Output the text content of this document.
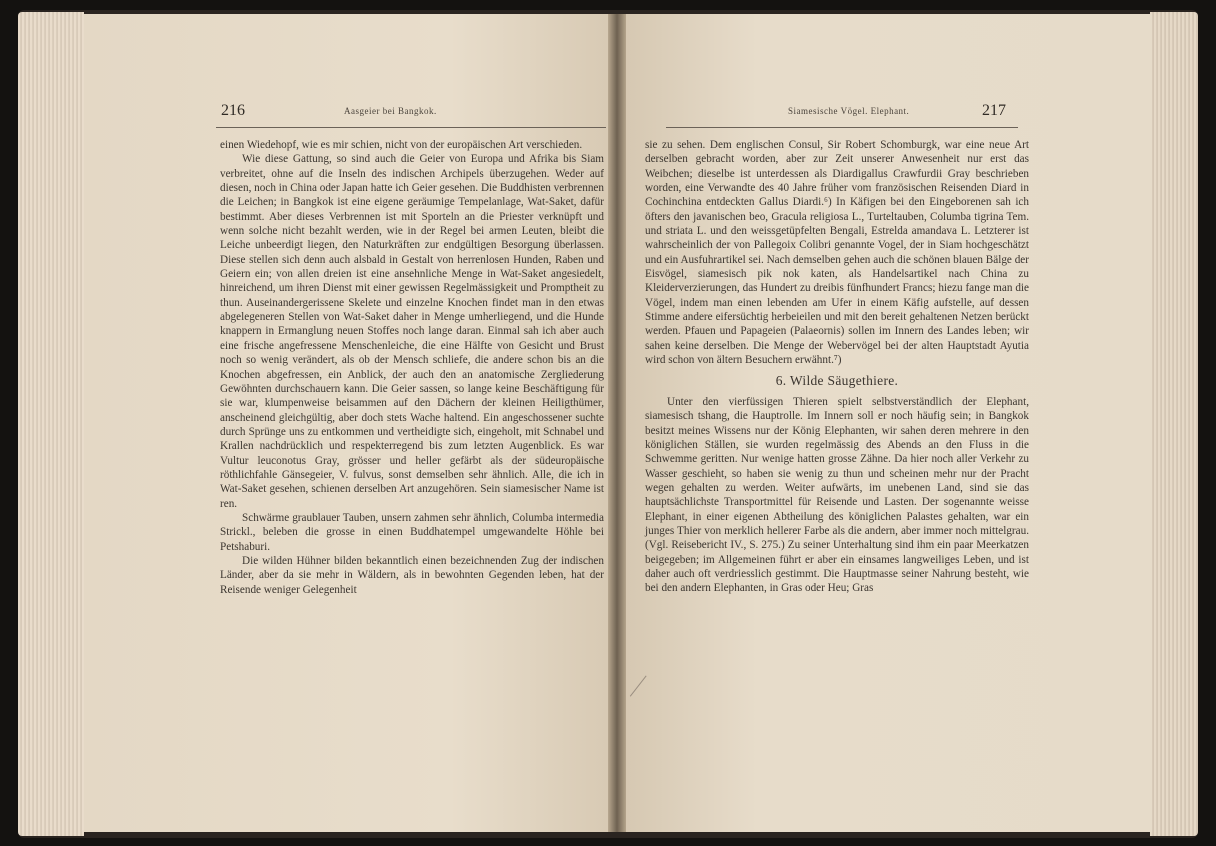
216	Aasgeier bei Bangkok.

einen Wiedehopf, wie es mir schien, nicht von der europäischen Art verschieden.

Wie diese Gattung, so sind auch die Geier von Europa und Afrika bis Siam verbreitet, ohne auf die Inseln des indischen Archipels überzugehen. Weder auf diesen, noch in China oder Japan hatte ich Geier gesehen. Die Buddhisten verbrennen die Leichen; in Bangkok ist eine eigene geräumige Tempelanlage, Wat-Saket, dafür bestimmt. Aber dieses Verbrennen ist mit Sporteln an die Priester verknüpft und wenn solche nicht bezahlt werden, wie in der Regel bei armen Leuten, bleibt die Leiche unbeerdigt liegen, den Naturkräften zur endgültigen Besorgung überlassen. Diese stellen sich denn auch alsbald in Gestalt von herrenlosen Hunden, Raben und Geiern ein; von allen dreien ist eine ansehnliche Menge in Wat-Saket angesiedelt, hinreichend, um ihren Dienst mit einer gewissen Regelmässigkeit und Promptheit zu thun. Auseinandergerissene Skelete und einzelne Knochen findet man in den etwas abgelegeneren Stellen von Wat-Saket daher in Menge umherliegend, und die Hunde knappern in Ermanglung neuen Stoffes noch lange daran. Einmal sah ich aber auch eine frische angefressene Menschenleiche, die eine Hälfte von Gesicht und Brust noch so wenig verändert, als ob der Mensch schliefe, die andere schon bis an die Knochen abgefressen, ein Anblick, der auch den an anatomische Zergliederung Gewöhnten durchschauern kann. Die Geier sassen, so lange keine Beschäftigung für sie war, klumpenweise beisammen auf den Dächern der kleinen Heiligthümer, anscheinend gleichgültig, aber doch stets Wache haltend. Ein angeschossener suchte durch Sprünge uns zu entkommen und vertheidigte sich, eingeholt, mit Schnabel und Krallen nachdrücklich und respekterregend bis zum letzten Augenblick. Es war Vultur leuconotus Gray, grösser und heller gefärbt als der südeuropäische röthlichfahle Gänsegeier, V. fulvus, sonst demselben sehr ähnlich. Alle, die ich in Wat-Saket gesehen, schienen derselben Art anzugehören. Sein siamesischer Name ist ren.

Schwärme graublauer Tauben, unsern zahmen sehr ähnlich, Columba intermedia Strickl., beleben die grosse in einen Buddhatempel umgewandelte Höhle bei Petshaburi.

Die wilden Hühner bilden bekanntlich einen bezeichnenden Zug der indischen Länder, aber da sie mehr in Wäldern, als in bewohnten Gegenden leben, hat der Reisende weniger Gelegenheit

Siamesische Vögel. Elephant.	217

sie zu sehen. Dem englischen Consul, Sir Robert Schomburgk, war eine neue Art derselben gebracht worden, aber zur Zeit unserer Anwesenheit nur erst das Weibchen; dieselbe ist unterdessen als Diardigallus Crawfurdii Gray beschrieben worden, eine Verwandte des 40 Jahre früher vom französischen Reisenden Diard in Cochinchina entdeckten Gallus Diardi.⁶) In Käfigen bei den Eingeborenen sah ich öfters den javanischen beo, Gracula religiosa L., Turteltauben, Columba tigrina Tem. und striata L. und den weissgetüpfelten Bengali, Estrelda amandava L. Letzterer ist wahrscheinlich der von Pallegoix Colibri genannte Vogel, der in Siam hochgeschätzt und ein Ausfuhrartikel sei. Nach demselben gehen auch die schönen blauen Bälge der Eisvögel, siamesisch pik nok katen, als Handelsartikel nach China zu Kleiderverzierungen, das Hundert zu dreibis fünfhundert Francs; hiezu fange man die Vögel, indem man einen lebenden am Ufer in einem Käfig aufstelle, auf dessen Stimme andere eifersüchtig herbeieilen und mit den bereit gehaltenen Netzen berückt werden. Pfauen und Papageien (Palaeornis) sollen im Innern des Landes leben; wir sahen keine derselben. Die Menge der Webervögel bei der alten Hauptstadt Ayutia wird schon von ältern Besuchern erwähnt.⁷)

6. Wilde Säugethiere.

Unter den vierfüssigen Thieren spielt selbstverständlich der Elephant, siamesisch tshang, die Hauptrolle. Im Innern soll er noch häufig sein; in Bangkok besitzt meines Wissens nur der König Elephanten, wir sahen deren mehrere in den königlichen Ställen, sie wurden regelmässig des Abends an den Fluss in die Schwemme geritten. Nur wenige hatten grosse Zähne. Da hier noch aller Verkehr zu Wasser geschieht, so haben sie wenig zu thun und scheinen mehr nur der Pracht wegen gehalten zu werden. Weiter aufwärts, im unebenen Land, sind sie das hauptsächlichste Transportmittel für Reisende und Lasten. Der sogenannte weisse Elephant, in einer eigenen Abtheilung des königlichen Palastes gehalten, war ein junges Thier von merklich hellerer Farbe als die andern, aber immer noch mittelgrau. (Vgl. Reisebericht IV., S. 275.) Zu seiner Unterhaltung sind ihm ein paar Meerkatzen beigegeben; im Allgemeinen führt er aber ein einsames langweiliges Leben, und ist daher auch oft verdriesslich gestimmt. Die Hauptmasse seiner Nahrung besteht, wie bei den andern Elephanten, in Gras oder Heu; Gras
